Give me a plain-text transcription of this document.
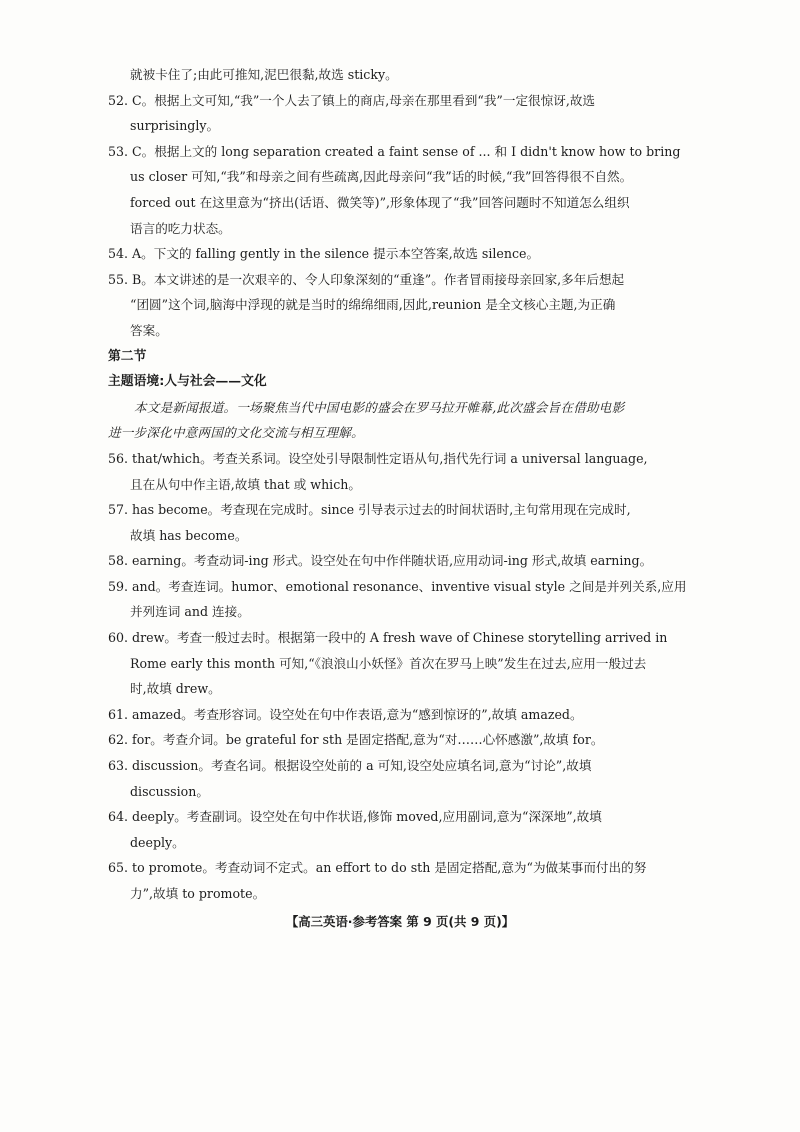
就被卡住了;由此可推知,泥巴很黏,故选 sticky。
52. C。根据上文可知,“我”一个人去了镇上的商店,母亲在那里看到“我”一定很惊讶,故选
surprisingly。
53. C。根据上文的 long separation created a faint sense of ... 和 I didn't know how to bring
us closer 可知,“我”和母亲之间有些疏离,因此母亲问“我”话的时候,“我”回答得很不自然。
forced out 在这里意为“挤出(话语、微笑等)”,形象体现了“我”回答问题时不知道怎么组织
语言的吃力状态。
54. A。下文的 falling gently in the silence 提示本空答案,故选 silence。
55. B。本文讲述的是一次艰辛的、令人印象深刻的“重逢”。作者冒雨接母亲回家,多年后想起
“团圆”这个词,脑海中浮现的就是当时的绵绵细雨,因此,reunion 是全文核心主题,为正确
答案。
第二节
主题语境:人与社会——文化
本文是新闻报道。一场聚焦当代中国电影的盛会在罗马拉开帷幕,此次盛会旨在借助电影
进一步深化中意两国的文化交流与相互理解。
56. that/which。考查关系词。设空处引导限制性定语从句,指代先行词 a universal language,
且在从句中作主语,故填 that 或 which。
57. has become。考查现在完成时。since 引导表示过去的时间状语时,主句常用现在完成时,
故填 has become。
58. earning。考查动词-ing 形式。设空处在句中作伴随状语,应用动词-ing 形式,故填 earning。
59. and。考查连词。humor、emotional resonance、inventive visual style 之间是并列关系,应用
并列连词 and 连接。
60. drew。考查一般过去时。根据第一段中的 A fresh wave of Chinese storytelling arrived in
Rome early this month 可知,“《浪浪山小妖怪》首次在罗马上映”发生在过去,应用一般过去
时,故填 drew。
61. amazed。考查形容词。设空处在句中作表语,意为“感到惊讶的”,故填 amazed。
62. for。考查介词。be grateful for sth 是固定搭配,意为“对……心怀感激”,故填 for。
63. discussion。考查名词。根据设空处前的 a 可知,设空处应填名词,意为“讨论”,故填
discussion。
64. deeply。考查副词。设空处在句中作状语,修饰 moved,应用副词,意为“深深地”,故填
deeply。
65. to promote。考查动词不定式。an effort to do sth 是固定搭配,意为“为做某事而付出的努
力”,故填 to promote。
【高三英语·参考答案 第 9 页(共 9 页)】
